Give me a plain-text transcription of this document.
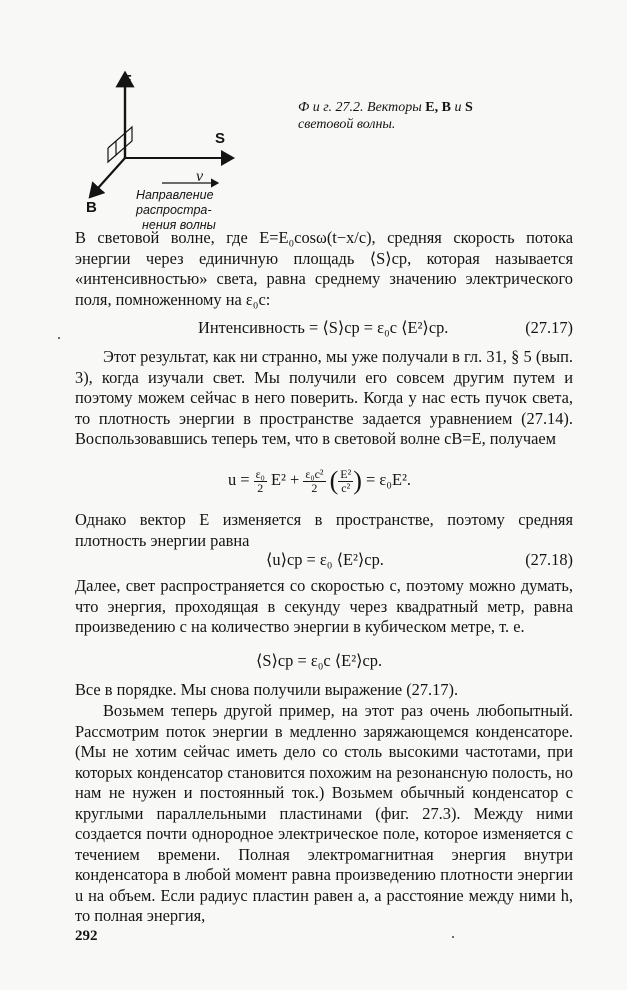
E
S
B
v
Направление распростра-
нения волны
Ф и г. 27.2. Векторы E, B и S
световой волны.

В световой волне, где E=E₀cosω(t−x/c), средняя скорость потока энергии через единичную площадь ⟨S⟩ср, которая называется «интенсивностью» света, равна среднему значению электрического поля, помноженному на ε₀c:

Интенсивность = ⟨S⟩ср = ε₀c ⟨E²⟩ср.	(27.17)

Этот результат, как ни странно, мы уже получали в гл. 31, § 5 (вып. 3), когда изучали свет. Мы получили его совсем другим путем и поэтому можем сейчас в него поверить. Когда у нас есть пучок света, то плотность энергии в пространстве задается уравнением (27.14). Воспользовавшись теперь тем, что в световой волне cB=E, получаем

$u = \frac{\text{ε₀}}{2} E^2 + \frac{\text{ε₀c²}}{2}$ ( $\frac{\text{E²}}{\text{c²}}$ ) = ε₀E².

Однако вектор E изменяется в пространстве, поэтому средняя плотность энергии равна

⟨u⟩ср = ε₀ ⟨E²⟩ср.	(27.18)

Далее, свет распространяется со скоростью c, поэтому можно думать, что энергия, проходящая в секунду через квадратный метр, равна произведению c на количество энергии в кубическом метре, т. е.

⟨S⟩ср = ε₀c ⟨E²⟩ср.

Все в порядке. Мы снова получили выражение (27.17).

Возьмем теперь другой пример, на этот раз очень любопытный. Рассмотрим поток энергии в медленно заряжающемся конденсаторе. (Мы не хотим сейчас иметь дело со столь высокими частотами, при которых конденсатор становится похожим на резонансную полость, но нам не нужен и постоянный ток.) Возьмем обычный конденсатор с круглыми параллельными пластинами (фиг. 27.3). Между ними создается почти однородное электрическое поле, которое изменяется с течением времени. Полная электромагнитная энергия внутри конденсатора в любой момент равна произведению плотности энергии u на объем. Если радиус пластин равен a, а расстояние между ними h, то полная энергия,

292
